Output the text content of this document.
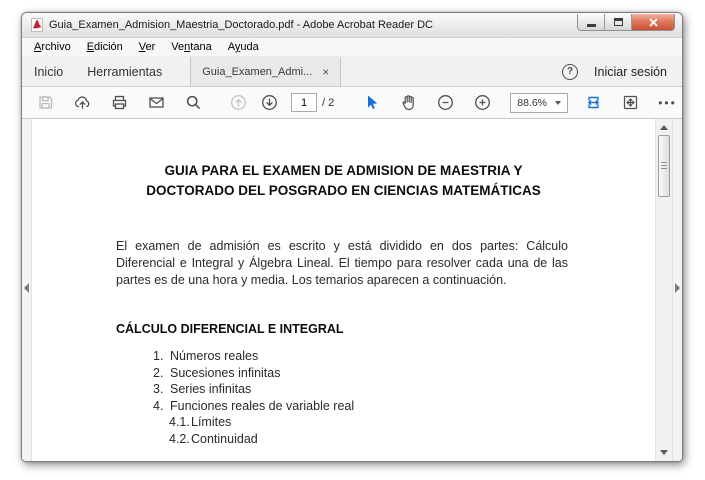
Guia_Examen_Admision_Maestria_Doctorado.pdf - Adobe Acrobat Reader DC
Archivo	Edición	Ver	Ventana	Ayuda
Inicio	Herramientas	Guia_Examen_Admi... ×	?	Iniciar sesión
1
/ 2	88.6%	•••
GUIA PARA EL EXAMEN DE ADMISION DE MAESTRIA Y DOCTORADO DEL POSGRADO EN CIENCIAS MATEMÁTICAS
El examen de admisión es escrito y está dividido en dos partes: Cálculo Diferencial e Integral y Álgebra Lineal. El tiempo para resolver cada una de las partes es de una hora y media. Los temarios aparecen a continuación.
CÁLCULO DIFERENCIAL E INTEGRAL
1. Números reales
2. Sucesiones infinitas
3. Series infinitas
4. Funciones reales de variable real
4.1. Límites
4.2. Continuidad
